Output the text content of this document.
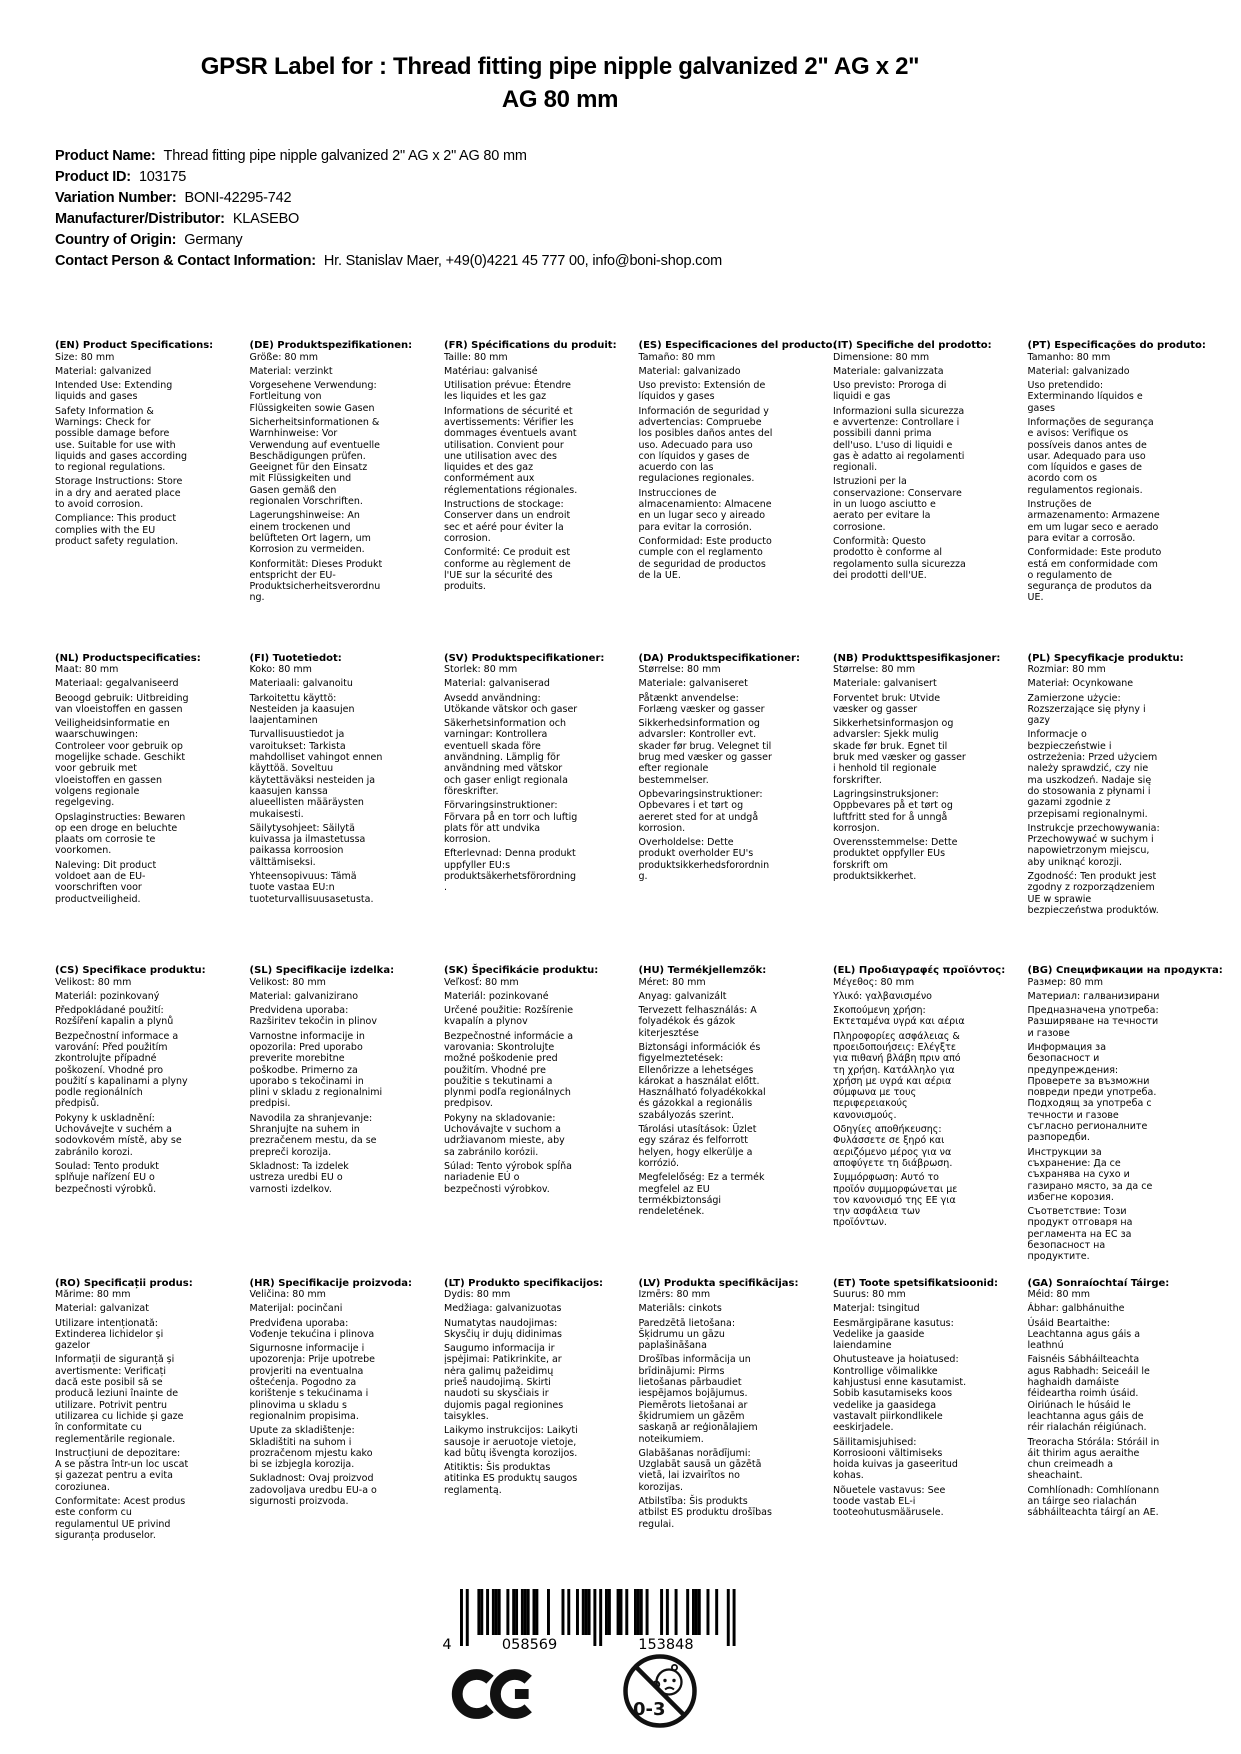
GPSR Label for : Thread fitting pipe nipple galvanized 2" AG x 2"
AG 80 mm
Product Name: Thread fitting pipe nipple galvanized 2" AG x 2" AG 80 mm
Product ID: 103175
Variation Number: BONI-42295-742
Manufacturer/Distributor: KLASEBO
Country of Origin: Germany
Contact Person & Contact Information: Hr. Stanislav Maer, +49(0)4221 45 777 00, info@boni-shop.com
(EN) Product Specifications:

Size: 80 mm

Material: galvanized

Intended Use: Extending liquids and gases

Safety Information & Warnings: Check for possible damage before use. Suitable for use with liquids and gases according to regional regulations.

Storage Instructions: Store in a dry and aerated place to avoid corrosion.

Compliance: This product complies with the EU product safety regulation.

(DE) Produktspezifikationen:

Größe: 80 mm

Material: verzinkt

Vorgesehene Verwendung: Fortleitung von Flüssigkeiten sowie Gasen

Sicherheitsinformationen & Warnhinweise: Vor Verwendung auf eventuelle Beschädigungen prüfen. Geeignet für den Einsatz mit Flüssigkeiten und Gasen gemäß den regionalen Vorschriften.

Lagerungshinweise: An einem trockenen und belüfteten Ort lagern, um Korrosion zu vermeiden.

Konformität: Dieses Produkt entspricht der EU-Produktsicherheitsverordnung.

(FR) Spécifications du produit:

Taille: 80 mm

Matériau: galvanisé

Utilisation prévue: Étendre les liquides et les gaz

Informations de sécurité et avertissements: Vérifier les dommages éventuels avant utilisation. Convient pour une utilisation avec des liquides et des gaz conformément aux réglementations régionales.

Instructions de stockage: Conserver dans un endroit sec et aéré pour éviter la corrosion.

Conformité: Ce produit est conforme au règlement de l'UE sur la sécurité des produits.

(ES) Especificaciones del producto:

Tamaño: 80 mm

Material: galvanizado

Uso previsto: Extensión de líquidos y gases

Información de seguridad y advertencias: Compruebe los posibles daños antes del uso. Adecuado para uso con líquidos y gases de acuerdo con las regulaciones regionales.

Instrucciones de almacenamiento: Almacene en un lugar seco y aireado para evitar la corrosión.

Conformidad: Este producto cumple con el reglamento de seguridad de productos de la UE.

(IT) Specifiche del prodotto:

Dimensione: 80 mm

Materiale: galvanizzata

Uso previsto: Proroga di liquidi e gas

Informazioni sulla sicurezza e avvertenze: Controllare i possibili danni prima dell'uso. L'uso di liquidi e gas è adatto ai regolamenti regionali.

Istruzioni per la conservazione: Conservare in un luogo asciutto e aerato per evitare la corrosione.

Conformità: Questo prodotto è conforme al regolamento sulla sicurezza dei prodotti dell'UE.

(PT) Especificações do produto:

Tamanho: 80 mm

Material: galvanizado

Uso pretendido: Exterminando líquidos e gases

Informações de segurança e avisos: Verifique os possíveis danos antes de usar. Adequado para uso com líquidos e gases de acordo com os regulamentos regionais.

Instruções de armazenamento: Armazene em um lugar seco e aerado para evitar a corrosão.

Conformidade: Este produto está em conformidade com o regulamento de segurança de produtos da UE.

(NL) Productspecificaties:

Maat: 80 mm

Materiaal: gegalvaniseerd

Beoogd gebruik: Uitbreiding van vloeistoffen en gassen

Veiligheidsinformatie en waarschuwingen: Controleer voor gebruik op mogelijke schade. Geschikt voor gebruik met vloeistoffen en gassen volgens regionale regelgeving.

Opslaginstructies: Bewaren op een droge en beluchte plaats om corrosie te voorkomen.

Naleving: Dit product voldoet aan de EU-voorschriften voor productveiligheid.

(FI) Tuotetiedot:

Koko: 80 mm

Materiaali: galvanoitu

Tarkoitettu käyttö: Nesteiden ja kaasujen laajentaminen

Turvallisuustiedot ja varoitukset: Tarkista mahdolliset vahingot ennen käyttöä. Soveltuu käytettäväksi nesteiden ja kaasujen kanssa alueellisten määräysten mukaisesti.

Säilytysohjeet: Säilytä kuivassa ja ilmastetussa paikassa korroosion välttämiseksi.

Yhteensopivuus: Tämä tuote vastaa EU:n tuoteturvallisuusasetusta.

(SV) Produktspecifikationer:

Storlek: 80 mm

Material: galvaniserad

Avsedd användning: Utökande vätskor och gaser

Säkerhetsinformation och varningar: Kontrollera eventuell skada före användning. Lämplig för användning med vätskor och gaser enligt regionala föreskrifter.

Förvaringsinstruktioner: Förvara på en torr och luftig plats för att undvika korrosion.

Efterlevnad: Denna produkt uppfyller EU:s produktsäkerhetsförordning.

(DA) Produktspecifikationer:

Størrelse: 80 mm

Materiale: galvaniseret

Påtænkt anvendelse: Forlæng væsker og gasser

Sikkerhedsinformation og advarsler: Kontroller evt. skader før brug. Velegnet til brug med væsker og gasser efter regionale bestemmelser.

Opbevaringsinstruktioner: Opbevares i et tørt og aereret sted for at undgå korrosion.

Overholdelse: Dette produkt overholder EU's produktsikkerhedsforordning.

(NB) Produkttspesifikasjoner:

Størrelse: 80 mm

Materiale: galvanisert

Forventet bruk: Utvide væsker og gasser

Sikkerhetsinformasjon og advarsler: Sjekk mulig skade før bruk. Egnet til bruk med væsker og gasser i henhold til regionale forskrifter.

Lagringsinstruksjoner: Oppbevares på et tørt og luftfritt sted for å unngå korrosjon.

Overensstemmelse: Dette produktet oppfyller EUs forskrift om produktsikkerhet.

(PL) Specyfikacje produktu:

Rozmiar: 80 mm

Materiał: Ocynkowane

Zamierzone użycie: Rozszerzające się płyny i gazy

Informacje o bezpieczeństwie i ostrzeżenia: Przed użyciem należy sprawdzić, czy nie ma uszkodzeń. Nadaje się do stosowania z płynami i gazami zgodnie z przepisami regionalnymi.

Instrukcje przechowywania: Przechowywać w suchym i napowietrzonym miejscu, aby uniknąć korozji.

Zgodność: Ten produkt jest zgodny z rozporządzeniem UE w sprawie bezpieczeństwa produktów.

(CS) Specifikace produktu:

Velikost: 80 mm

Materiál: pozinkovaný

Předpokládané použití: Rozšíření kapalin a plynů

Bezpečnostní informace a varování: Před použitím zkontrolujte případné poškození. Vhodné pro použití s kapalinami a plyny podle regionálních předpisů.

Pokyny k uskladnění: Uchovávejte v suchém a sodovkovém místě, aby se zabránilo korozi.

Soulad: Tento produkt splňuje nařízení EU o bezpečnosti výrobků.

(SL) Specifikacije izdelka:

Velikost: 80 mm

Material: galvanizirano

Predvidena uporaba: Razširitev tekočin in plinov

Varnostne informacije in opozorila: Pred uporabo preverite morebitne poškodbe. Primerno za uporabo s tekočinami in plini v skladu z regionalnimi predpisi.

Navodila za shranjevanje: Shranjujte na suhem in prezračenem mestu, da se prepreči korozija.

Skladnost: Ta izdelek ustreza uredbi EU o varnosti izdelkov.

(SK) Špecifikácie produktu:

Veľkosť: 80 mm

Materiál: pozinkované

Určené použitie: Rozšírenie kvapalín a plynov

Bezpečnostné informácie a varovania: Skontrolujte možné poškodenie pred použitím. Vhodné pre použitie s tekutinami a plynmi podľa regionálnych predpisov.

Pokyny na skladovanie: Uchovávajte v suchom a udržiavanom mieste, aby sa zabránilo korózii.

Súlad: Tento výrobok spĺňa nariadenie EÚ o bezpečnosti výrobkov.

(HU) Termékjellemzők:

Méret: 80 mm

Anyag: galvanizált

Tervezett felhasználás: A folyadékok és gázok kiterjesztése

Biztonsági információk és figyelmeztetések: Ellenőrizze a lehetséges károkat a használat előtt. Használható folyadékokkal és gázokkal a regionális szabályozás szerint.

Tárolási utasítások: Üzlet egy száraz és felforrott helyen, hogy elkerülje a korrózió.

Megfelelőség: Ez a termék megfelel az EU termékbiztonsági rendeletének.

(EL) Προδιαγραφές προϊόντος:

Μέγεθος: 80 mm

Υλικό: γαλβανισμένο

Σκοπούμενη χρήση: Εκτεταμένα υγρά και αέρια

Πληροφορίες ασφάλειας & προειδοποιήσεις: Ελέγξτε για πιθανή βλάβη πριν από τη χρήση. Κατάλληλο για χρήση με υγρά και αέρια σύμφωνα με τους περιφερειακούς κανονισμούς.

Οδηγίες αποθήκευσης: Φυλάσσετε σε ξηρό και αεριζόμενο μέρος για να αποφύγετε τη διάβρωση.

Συμμόρφωση: Αυτό το προϊόν συμμορφώνεται με τον κανονισμό της ΕΕ για την ασφάλεια των προϊόντων.

(BG) Спецификации на продукта:

Размер: 80 mm

Материал: галванизирани

Предназначена употреба: Разширяване на течности и газове

Информация за безопасност и предупреждения: Проверете за възможни повреди преди употреба. Подходящ за употреба с течности и газове съгласно регионалните разпоредби.

Инструкции за съхранение: Да се съхранява на сухо и газирано място, за да се избегне корозия.

Съответствие: Този продукт отговаря на регламента на ЕС за безопасност на продуктите.

(RO) Specificații produs:

Mărime: 80 mm

Material: galvanizat

Utilizare intenționată: Extinderea lichidelor și gazelor

Informații de siguranță și avertismente: Verificați dacă este posibil să se producă leziuni înainte de utilizare. Potrivit pentru utilizarea cu lichide și gaze în conformitate cu reglementările regionale.

Instrucțiuni de depozitare: A se păstra într-un loc uscat și gazezat pentru a evita coroziunea.

Conformitate: Acest produs este conform cu regulamentul UE privind siguranța produselor.

(HR) Specifikacije proizvoda:

Veličina: 80 mm

Materijal: pocinčani

Predviđena uporaba: Vođenje tekućina i plinova

Sigurnosne informacije i upozorenja: Prije upotrebe provjeriti na eventualna oštećenja. Pogodno za korištenje s tekućinama i plinovima u skladu s regionalnim propisima.

Upute za skladištenje: Skladištiti na suhom i prozračenom mjestu kako bi se izbjegla korozija.

Sukladnost: Ovaj proizvod zadovoljava uredbu EU-a o sigurnosti proizvoda.

(LT) Produkto specifikacijos:

Dydis: 80 mm

Medžiaga: galvanizuotas

Numatytas naudojimas: Skysčių ir dujų didinimas

Saugumo informacija ir įspėjimai: Patikrinkite, ar nėra galimų pažeidimų prieš naudojimą. Skirti naudoti su skysčiais ir dujomis pagal regionines taisykles.

Laikymo instrukcijos: Laikyti sausoje ir aeruotoje vietoje, kad būtų išvengta korozijos.

Atitiktis: Šis produktas atitinka ES produktų saugos reglamentą.

(LV) Produkta specifikācijas:

Izmērs: 80 mm

Materiāls: cinkots

Paredzētā lietošana: Šķidrumu un gāzu paplašināšana

Drošības informācija un brīdinājumi: Pirms lietošanas pārbaudiet iespējamos bojājumus. Piemērots lietošanai ar šķidrumiem un gāzēm saskaņā ar reģionālajiem noteikumiem.

Glabāšanas norādījumi: Uzglabāt sausā un gāzētā vietā, lai izvairītos no korozijas.

Atbilstība: Šis produkts atbilst ES produktu drošības regulai.

(ET) Toote spetsifikatsioonid:

Suurus: 80 mm

Materjal: tsingitud

Eesmärgipärane kasutus: Vedelike ja gaaside laiendamine

Ohutusteave ja hoiatused: Kontrollige võimalikke kahjustusi enne kasutamist. Sobib kasutamiseks koos vedelike ja gaasidega vastavalt piirkondlikele eeskirjadele.

Säilitamisjuhised: Korrosiooni vältimiseks hoida kuivas ja gaseeritud kohas.

Nõuetele vastavus: See toode vastab EL-i tooteohutusmäärusele.

(GA) Sonraíochtaí Táirge:

Méid: 80 mm

Ábhar: galbhánuithe

Úsáid Beartaithe: Leachtanna agus gáis a leathnú

Faisnéis Sábháilteachta agus Rabhadh: Seiceáil le haghaidh damáiste féideartha roimh úsáid. Oiriúnach le húsáid le leachtanna agus gáis de réir rialachán réigiúnach.

Treoracha Stórála: Stóráil in áit thirim agus aeraithe chun creimeadh a sheachaint.

Comhlíonadh: Comhlíonann an táirge seo rialachán sábháilteachta táirgí an AE.

4	058569	153848
0-3
